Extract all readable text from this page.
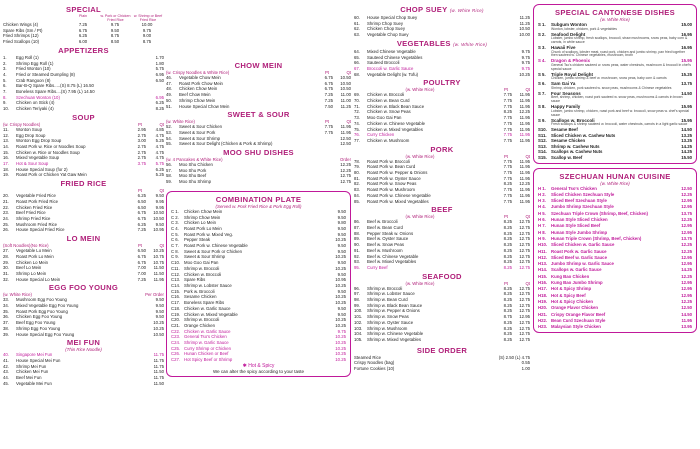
SPECIAL
Plain	w. Pork or Chicken Fried Rice
w. Shrimp or Beef Fried Rice
Chicken Wings (4)	7.25	9.75	10.00
Spare Ribs (Sm / Pt)	6.75	9.50	9.75
Fried Shrimps (12)	6.25	8.75	9.00
Fried Scallops (10)	6.00	8.50	8.75
APPETIZERS
1.	Egg Roll (1)	1.70
2.	Shrimp Egg Roll (1)	1.80
3.	Fried Wonton (10)	5.75
4.	Fried or Steamed Dumpling (8)	6.95
5.	Crab Rangoon (8)	6.50
6.	Bar-B-Q Spare Ribs.....(S) 8.75 (L) 16.50
7.	Boneless Spare Ribs....(S) 7.95 (L) 14.50
8.	Szechuan Wonton (10)	6.95
9.	Chicken on Stick (4)	6.25
10.	Chicken Teriyaki (4)	8.25
SOUP
(w. Crispy Noodles)	Pt	Qt
11.	Wonton Soup	2.95	4.85
12.	Egg Drop Soup	2.75	4.75
13.	Wonton Egg Drop Soup	3.00	5.25
14.	Roast Pork w. Rice or Noodles Soup	2.75	4.75
15.	Chicken w. Rice or Noodles Soup	2.75	4.75
16.	Mixed Vegetable Soup	2.75	4.75
17.	Hot & Sour Soup	3.75	5.75
18.	House Special Soup (for 2)	6.25
19.	Roast Pork or Chicken Yat Gaw Mein	5.25
FRIED RICE
Pt	Qt
20.	Vegetable Fried Rice	6.25	9.50
21.	Roast Pork Fried Rice	6.50	9.95
22.	Chicken Fried Rice	6.50	9.95
23.	Beef Fried Rice	6.75	10.50
24.	Shrimp Fried Rice	6.75	10.50
25.	Mushroom Fried Rice	6.25	9.50
26.	House Special Fried Rice	7.25	10.95
LO MEIN
(Soft Noodles)(No Rice)	Pt	Qt
27.	Vegetable Lo Mein	6.50	10.25
28.	Roast Pork Lo Mein	6.75	10.75
29.	Chicken Lo Mein	6.75	10.75
30.	Beef Lo Mein	7.00	11.50
31.	Shrimp Lo Mein	7.00	11.50
32.	House Special Lo Mein	7.25	11.95
EGG FOO YOUNG
(w. White Rice)	Per Order
33.	Mushroom Egg Foo Young	9.50
34.	Mixed Vegetable Egg Foo Young	9.50
35.	Roast Pork Egg Foo Young	9.50
36.	Chicken Egg Foo Young	9.50
37.	Beef Egg Foo Young	10.25
38.	Shrimp Egg Foo Young	10.25
39.	House Special Egg Foo Young	10.50
MEI FUN
(Thin Rice Noodle)
40.	Singapore Mei Fun	11.75
41.	House Special Mei Fun	11.75
42.	Shrimp Mei Fun	11.75
43.	Chicken Mei Fun	11.50
44.	Beef Mei Fun	11.75
45.	Vegetable Mei Fun	11.50
CHOW MEIN
(w. Crispy Noodles & White Rice)	Pt	Qt
46.	Vegetable Chow Mein	6.75	10.50
47.	Roast Pork Chow Mein	6.75	10.50
48.	Chicken Chow Mein	6.75	10.50
49.	Beef Chow Mein	7.25	11.00
50.	Shrimp Chow Mein	7.25	11.00
51.	House Special Chow Mein	7.50	11.25
SWEET & SOUR
(w. White Rice)	Pt	Qt
52.	Sweet & Sour Chicken	7.75	11.95
53.	Sweet & Sour Pork	7.75	11.95
54.	Sweet & Sour Shrimp	12.50
55.	Sweet & Sour Delight (Chicken & Pork & Shrimp)	12.50
MOO SHU DISHES
(w. 4 Pancakes & White Rice)	Order
56.	Moo Shu Chicken	12.25
57.	Moo Shu Pork	12.25
58.	Moo Shu Beef	12.75
59.	Moo Shu Shrimp	12.75
COMBINATION PLATE
(Served w. Pork Fried Rice & Pork Egg Roll)
C 1.	Chicken Chow Mein	9.50
C 2.	Shrimp Chow Mein	9.50
C 3.	Chicken Lo Mein	9.80
C 4.	Roast Pork Lo Mein	9.50
C 5.	Roast Pork w. Mixed Veg.	9.50
C 6.	Pepper Steak	10.25
C 7.	Roast Pork w. Chinese Vegetable	9.50
C 8.	Sweet & Sour Pork or Chicken	9.50
C 9.	Sweet & Sour Shrimp	10.25
C10. Moo Goo Gai Pan	9.50
C11. Shrimp w. Broccoli	10.25
C12. Chicken w. Broccoli	9.50
C13. Spare Ribs	10.95
C14. Shrimp w. Lobster Sauce	10.25
C15. Pork w. Broccoli	9.50
C16. Sesame Chicken	10.25
C17. Boneless Spare Ribs	10.25
C18. Chicken w. Garlic Sauce	9.50
C19. Chicken w. Mixed Vegetable	9.50
C20. Shrimp w. Broccoli	10.25
C21. Orange Chicken	10.25
C22. Chicken w. Garlic Sauce	9.75
C23. General Tso's Chicken	10.25
C24. Shrimp w. Garlic Sauce	10.25
C25. Curry Shrimp or Chicken	10.25
C26. Hunan Chicken or Beef	10.25
C27. Hot Spicy Beef or Shrimp	10.25
✱ Hot & Spicy
We can alter the spicy according to your taste
CHOP SUEY (w. White Rice)
60.	House Special Chop Suey	11.25
61.	Shrimp Chop Suey	11.25
62.	Chicken Chop Suey	10.50
63.	Vegetable Chop Suey	10.00
VEGETABLES (w. White Rice)
64.	Mixed Chinese Vegetable	9.75
65.	Sauteed Chinese Vegetables	9.75
66.	Sauteed Broccoli	9.75
67.	Broccoli w. Garlic Sauce	9.75
68.	Vegetable Delight (w. Tofu)	10.25
POULTRY
(w. White Rice)	Pt	Qt
69.	Chicken w. Broccoli	7.75	11.95
70.	Chicken w. Bean Curd	7.75	11.95
71.	Chicken w. Black Bean Sauce	7.75	11.95
72.	Chicken w. Snow Peas	8.25	12.25
73.	Moo Goo Gai Pan	7.75	11.95
74.	Chicken w. Chinese Vegetable	7.75	11.95
75.	Chicken w. Mixed Vegetables	7.75	11.95
76.	Curry Chicken	7.75	11.95
77.	Chicken w. Mushroom	7.75	11.95
PORK
(w. White Rice)	Pt	Qt
78.	Roast Pork w. Broccoli	7.75	11.95
79.	Roast Pork w. Bean Curd	7.75	11.95
80.	Roast Pork w. Pepper & Onions	7.75	11.95
81.	Roast Pork w. Oyster Sauce	7.75	11.95
82.	Roast Pork w. Snow Peas	8.25	12.25
83.	Roast Pork w. Mushroom	7.75	11.95
84.	Roast Pork w. Chinese Vegetable	7.75	11.95
85.	Roast Pork w. Mixed Vegetables	7.75	11.95
BEEF
(w. White Rice)	Pt	Qt
86.	Beef w. Broccoli	8.25	12.75
87.	Beef w. Bean Curd	8.25	12.75
88.	Pepper Steak w. Onions	8.25	12.75
89.	Beef w. Oyster Sauce	8.25	12.75
90.	Beef w. Snow Peas	8.25	12.75
91.	Beef w. Mushroom	8.25	12.75
92.	Beef w. Chinese Vegetable	8.25	12.75
93.	Beef w. Mixed Vegetables	8.25	12.75
95.	Curry Beef	8.25	12.75
SEAFOOD
(w. White Rice)	Pt	Qt
96.	Shrimp w. Broccoli	8.25	12.75
97.	Shrimp w. Lobster Sauce	8.25	12.75
98.	Shrimp w. Bean Curd	8.25	12.75
99.	Shrimp w. Black Bean Sauce	8.25	12.75
100.	Shrimp w. Pepper & Onions	8.25	12.75
101.	Shrimp w. Snow Peas	8.75	12.95
102.	Shrimp w. Oyster Sauce	8.25	12.75
103.	Shrimp w. Mushroom	8.25	12.75
104.	Shrimp w. Chinese Vegetable	8.25	12.75
105.	Shrimp w. Mixed Vegetables	8.25	12.75
SIDE ORDER
Steamed Rice	(S) 2.50 (L) 4.75
Crispy Noodles (bag)	0.55
Fortune Cookies (10)	1.00
SPECIAL CANTONESE DISHES
(w. White Rice)
S 1.	Subgum Wonton	15.00
Wonton, lobster, chicken, pork & vegetables
S 2.	Seafood Delight	16.95
Lobster, jumbo shrimp, fresh scallops, broccoli, straw mushrooms, snow peas, baby corn & carrots, in white sauce
S 3.	Hawaii Five	16.95
Chunk of scallops, lobster meat, roast pork, chicken and jumbo shrimp, pan fried together then sauteed w. Chinese vegetables, mushroom, broth
S 4.	Dragon & Phoenix	15.95
General Tso's chicken sauteed w. snow peas, water chestnuts, mushroom & broccoli in chef's special sauce
S 5.	Triple Royal Delight	15.25
Chicken, jumbo shrimp & beef w. mushroom, snow peas, baby corn & carrots
S 6.	Sam Gai Ya	13.75
Shrimp, chicken, pork sauteed w. snow peas, mushrooms & Chinese vegetables
S 7.	Four Seasons	14.50
Beef, shrimp, chicken, roast pork sauteed w. snow peas, mushrooms & carrots in brown sauce
S 8.	Happy Family	15.95
Lobster, jumbo shrimp, chicken, roast pork and beef w. broccoli, snow peas w. chef's special sauce
S 9.	Scallops w. Broccoli	15.95
Fresh scallops & shrimp sauteed w. broccoli, water chestnuts, carrots in a light garlic sauce
S10. Sesame Beef	14.50
S11.	Sliced Chicken w. Cashew Nuts	13.25
S12. Sesame Chicken	13.25
S13. Shrimp w. Cashew Nuts	14.25
S14. Scallops w. Cashew Nuts	14.25
S15. Scallop w. Beef	15.50
SZECHUAN HUNAN CUISINE
(w. White Rice)
H 1.	General Tso's Chicken	12.50
H 2.	Sliced Chicken Szechuan Style	12.25
H 3.	Sliced Beef Szechuan Style	12.95
H 4.	Jumbo Shrimp Szechuan Style	12.95
H 5.	Szechuan Triple Crown (Shrimp, Beef, Chicken)	13.75
H 6.	Hunan Style Sliced Chicken	12.25
H 7.	Hunan Style Sliced Beef	12.95
H 8.	Hunan Style Jumbo Shrimp	12.95
H 9.	Hunan Triple Crown (Shrimp, Beef, Chicken)	13.75
H10. Sliced Chicken w. Garlic Sauce	12.25
H11. Roast Pork w. Garlic Sauce	12.25
H12. Sliced Beef w. Garlic Sauce	12.95
H13. Jumbo Shrimp w. Garlic Sauce	12.95
H14. Scallops w. Garlic Sauce	14.25
H15. Kung Bao Chicken	12.25
H16. Kung Bao Jumbo Shrimp	12.95
H17. Hot & Spicy Shrimp	12.95
H18. Hot & Spicy Beef	12.95
H19. Hot & Spicy Chicken	12.25
H20. Orange Flavor Chicken	12.50
H21. Crispy Orange Flavor Beef	14.50
H22. Bean Curd Szechuan Style	11.95
H23. Malaysian Style Chicken	13.95
